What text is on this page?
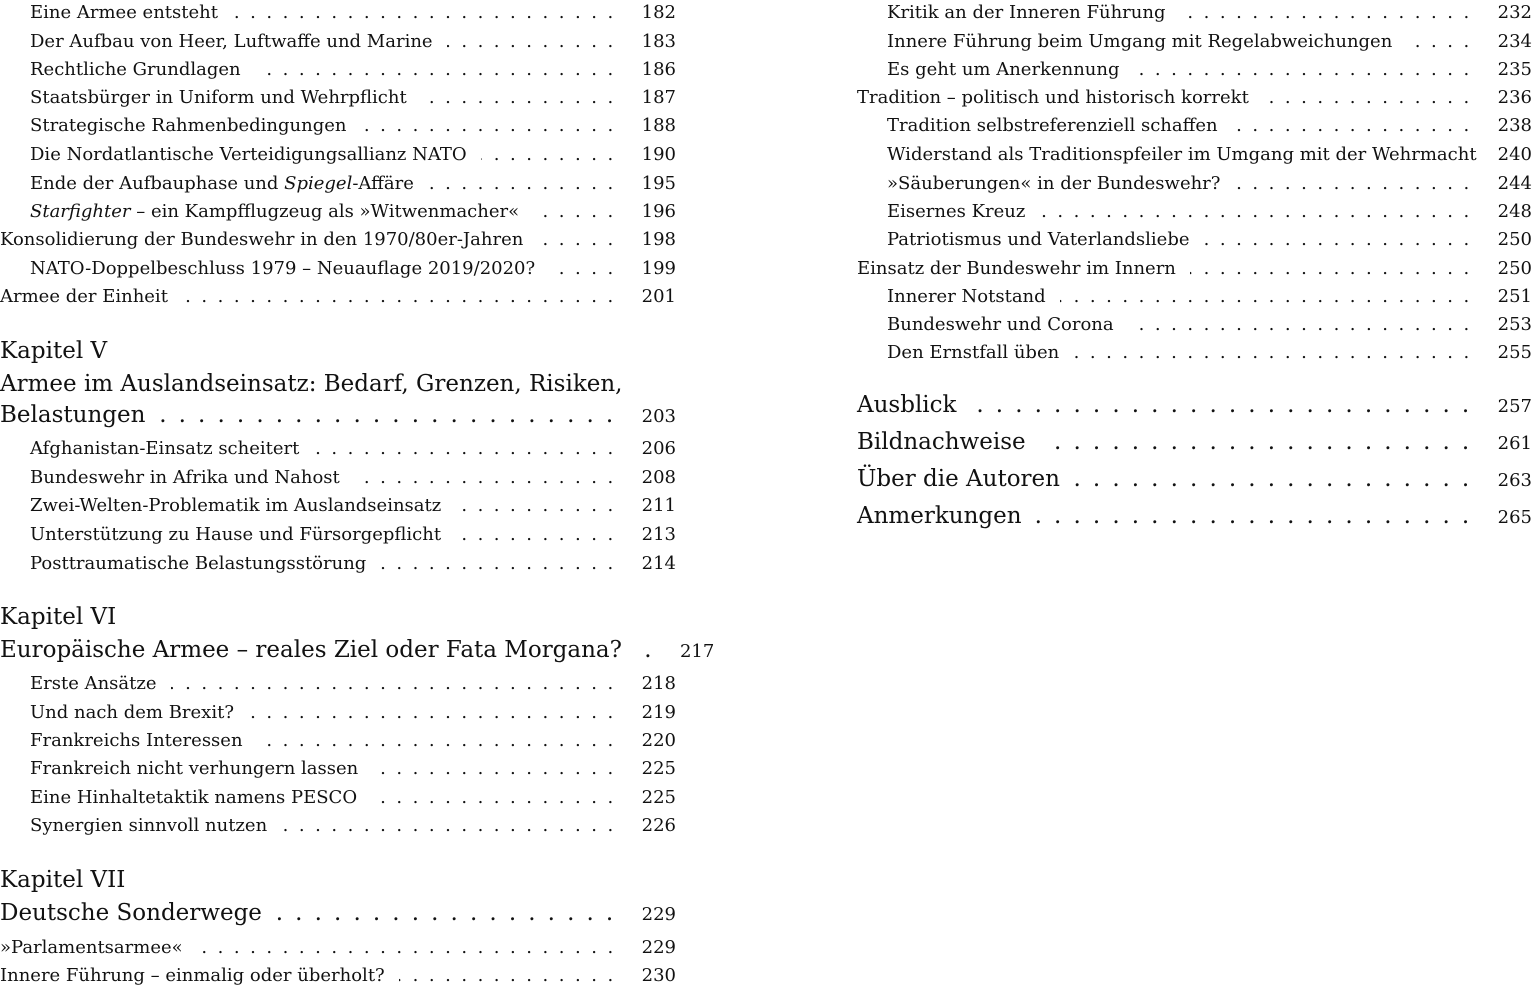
Eine Armee entsteht . . .	182
Der Aufbau von Heer, Luftwaffe und Marine . . .	183
Rechtliche Grundlagen . . .	186
Staatsbürger in Uniform und Wehrpflicht . . .	187
Strategische Rahmenbedingungen . . .	188
Die Nordatlantische Verteidigungsallianz NATO . . .	190
Ende der Aufbauphase und Spiegel-Affäre . . .	195
Starfighter – ein Kampfflugzeug als »Witwenmacher« . . .	196
Konsolidierung der Bundeswehr in den 1970/80er-Jahren . . .	198
NATO-Doppelbeschluss 1979 – Neuauflage 2019/2020? . . .	199
Armee der Einheit . . .	201
Kapitel V
Armee im Auslandseinsatz: Bedarf, Grenzen, Risiken,
Belastungen . . .	203
Afghanistan-Einsatz scheitert . . .	206
Bundeswehr in Afrika und Nahost . . .	208
Zwei-Welten-Problematik im Auslandseinsatz . . .	211
Unterstützung zu Hause und Fürsorgepflicht . . .	213
Posttraumatische Belastungsstörung . . .	214
Kapitel VI
Europäische Armee – reales Ziel oder Fata Morgana? . . .	217
Erste Ansätze . . .	218
Und nach dem Brexit? . . .	219
Frankreichs Interessen . . .	220
Frankreich nicht verhungern lassen . . .	225
Eine Hinhaltetaktik namens PESCO . . .	225
Synergien sinnvoll nutzen . . .	226
Kapitel VII
Deutsche Sonderwege . . .	229
»Parlamentsarmee« . . .	229
Innere Führung – einmalig oder überholt? . . .	230
Kritik an der Inneren Führung . . .	232
Innere Führung beim Umgang mit Regelabweichungen . . .	234
Es geht um Anerkennung . . .	235
Tradition – politisch und historisch korrekt . . .	236
Tradition selbstreferenziell schaffen . . .	238
Widerstand als Traditionspfeiler im Umgang mit der Wehrmacht 240
»Säuberungen« in der Bundeswehr? . . .	244
Eisernes Kreuz . . .	248
Patriotismus und Vaterlandsliebe . . .	250
Einsatz der Bundeswehr im Innern . . .	250
Innerer Notstand . . .	251
Bundeswehr und Corona . . .	253
Den Ernstfall üben . . .	255
Ausblick . . .	257
Bildnachweise . . .	261
Über die Autoren . . .	263
Anmerkungen . . .	265
